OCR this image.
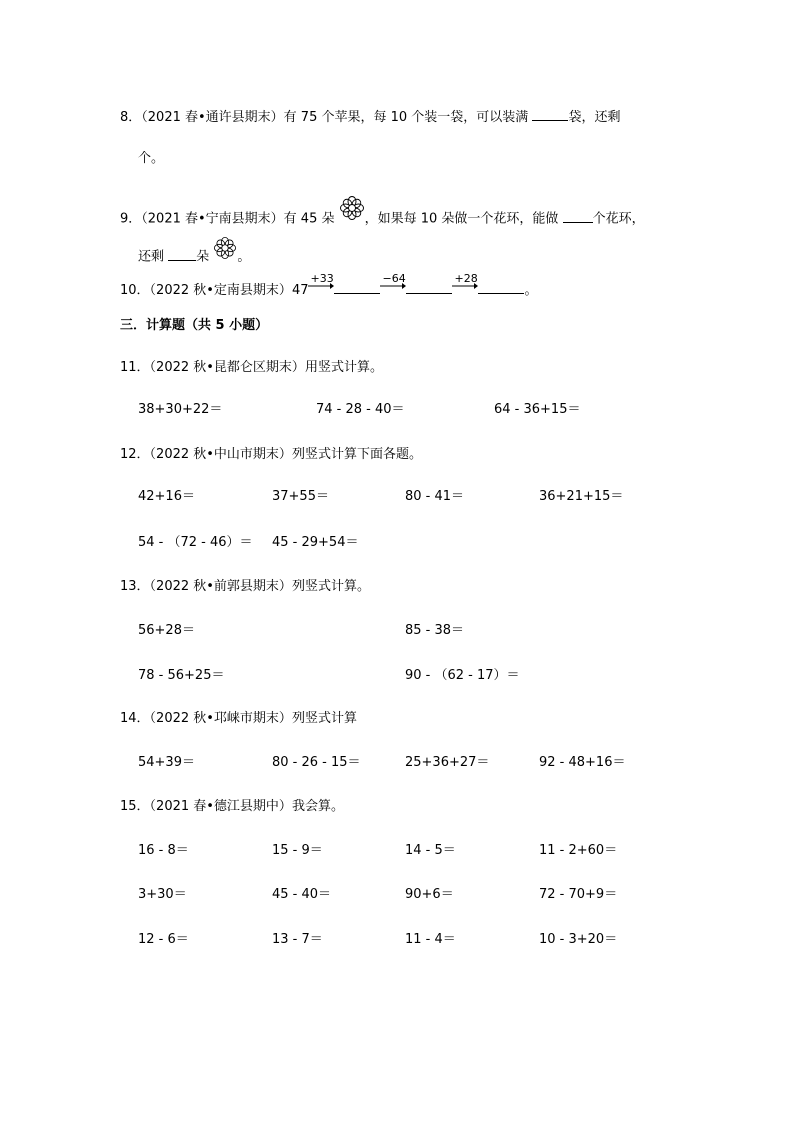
8．（2021 春•通许县期末）有 75 个苹果，每 10 个装一袋，可以装满	袋，还剩
个。
9．（2021 春•宁南县期末）有 45 朵 ，如果每 10 朵做一个花环，能做	个花环，
还剩 朵 。
10．（2022 秋•定南县期末）47
+33	−64	+28
。
三．计算题（共 5 小题）
11．（2022 秋•昆都仑区期末）用竖式计算。
38+30+22＝	74 - 28 - 40＝	64 - 36+15＝
12．（2022 秋•中山市期末）列竖式计算下面各题。
42+16＝	37+55＝	80 - 41＝	36+21+15＝
54 - （72 - 46）＝ 45 - 29+54＝
13．（2022 秋•前郭县期末）列竖式计算。
56+28＝	85 - 38＝
78 - 56+25＝	90 - （62 - 17）＝
14．（2022 秋•邛崃市期末）列竖式计算
54+39＝	80 - 26 - 15＝	25+36+27＝	92 - 48+16＝
15．（2021 春•德江县期中）我会算。
16 - 8＝	15 - 9＝	14 - 5＝	11 - 2+60＝
3+30＝	45 - 40＝	90+6＝	72 - 70+9＝
12 - 6＝	13 - 7＝	11 - 4＝	10 - 3+20＝
